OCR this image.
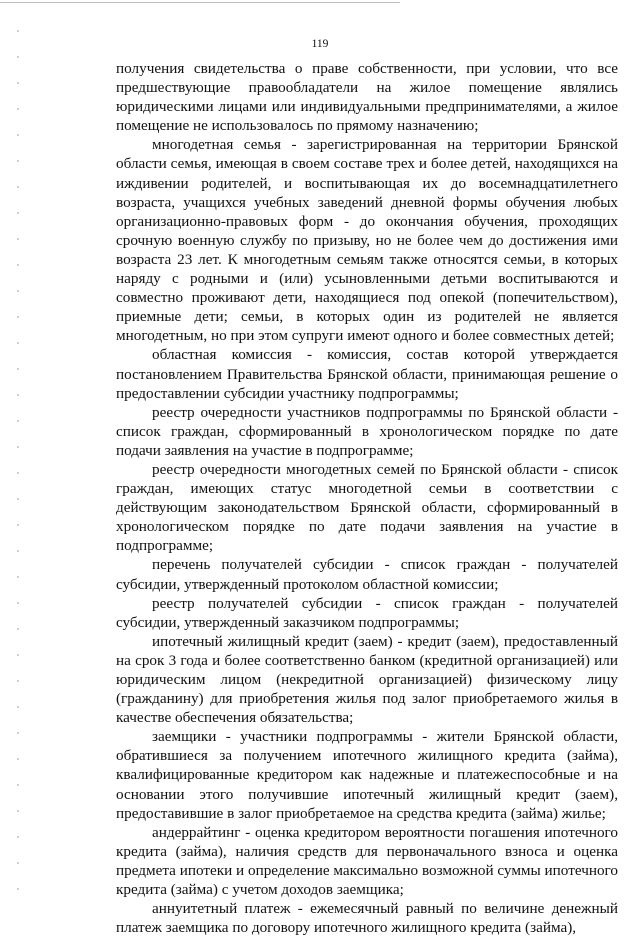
119

получения свидетельства о праве собственности, при условии, что все предшествующие правообладатели на жилое помещение являлись юридическими лицами или индивидуальными предпринимателями, а жилое помещение не использовалось по прямому назначению;

многодетная семья - зарегистрированная на территории Брянской области семья, имеющая в своем составе трех и более детей, находящихся на иждивении родителей, и воспитывающая их до восемнадцатилетнего возраста, учащихся учебных заведений дневной формы обучения любых организационно-правовых форм - до окончания обучения, проходящих срочную военную службу по призыву, но не более чем до достижения ими возраста 23 лет. К многодетным семьям также относятся семьи, в которых наряду с родными и (или) усыновленными детьми воспитываются и совместно проживают дети, находящиеся под опекой (попечительством), приемные дети; семьи, в которых один из родителей не является многодетным, но при этом супруги имеют одного и более совместных детей;

областная комиссия - комиссия, состав которой утверждается постановлением Правительства Брянской области, принимающая решение о предоставлении субсидии участнику подпрограммы;

реестр очередности участников подпрограммы по Брянской области - список граждан, сформированный в хронологическом порядке по дате подачи заявления на участие в подпрограмме;

реестр очередности многодетных семей по Брянской области - список граждан, имеющих статус многодетной семьи в соответствии с действующим законодательством Брянской области, сформированный в хронологическом порядке по дате подачи заявления на участие в подпрограмме;

перечень получателей субсидии - список граждан - получателей субсидии, утвержденный протоколом областной комиссии;

реестр получателей субсидии - список граждан - получателей субсидии, утвержденный заказчиком подпрограммы;

ипотечный жилищный кредит (заем) - кредит (заем), предоставленный на срок 3 года и более соответственно банком (кредитной организацией) или юридическим лицом (некредитной организацией) физическому лицу (гражданину) для приобретения жилья под залог приобретаемого жилья в качестве обеспечения обязательства;

заемщики - участники подпрограммы - жители Брянской области, обратившиеся за получением ипотечного жилищного кредита (займа), квалифицированные кредитором как надежные и платежеспособные и на основании этого получившие ипотечный жилищный кредит (заем), предоставившие в залог приобретаемое на средства кредита (займа) жилье;

андеррайтинг - оценка кредитором вероятности погашения ипотечного кредита (займа), наличия средств для первоначального взноса и оценка предмета ипотеки и определение максимально возможной суммы ипотечного кредита (займа) с учетом доходов заемщика;

аннуитетный платеж - ежемесячный равный по величине денежный платеж заемщика по договору ипотечного жилищного кредита (займа),
